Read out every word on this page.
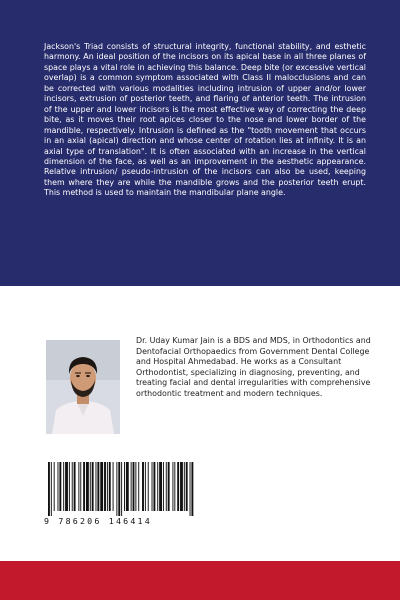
Jackson's Triad consists of structural integrity, functional stability, and esthetic harmony. An ideal position of the incisors on its apical base in all three planes of space plays a vital role in achieving this balance. Deep bite (or excessive vertical overlap) is a common symptom associated with Class II malocclusions and can be corrected with various modalities including intrusion of upper and/or lower incisors, extrusion of posterior teeth, and flaring of anterior teeth. The intrusion of the upper and lower incisors is the most effective way of correcting the deep bite, as it moves their root apices closer to the nose and lower border of the mandible, respectively. Intrusion is defined as the "tooth movement that occurs in an axial (apical) direction and whose center of rotation lies at infinity. It is an axial type of translation". It is often associated with an increase in the vertical dimension of the face, as well as an improvement in the aesthetic appearance. Relative intrusion/ pseudo-intrusion of the incisors can also be used, keeping them where they are while the mandible grows and the posterior teeth erupt. This method is used to maintain the mandibular plane angle.

Dr. Uday Kumar Jain is a BDS and MDS, in Orthodontics and Dentofacial Orthopaedics from Government Dental College and Hospital Ahmedabad. He works as a Consultant Orthodontist, specializing in diagnosing, preventing, and treating facial and dental irregularities with comprehensive orthodontic treatment and modern techniques.

9 786206 146414
